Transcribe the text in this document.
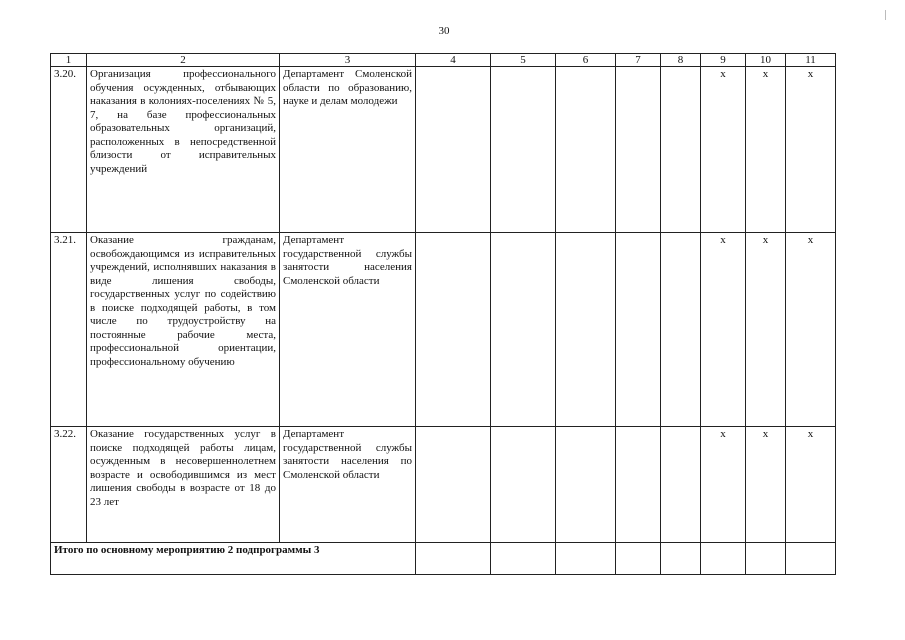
30
1	2	3	4	5	6	7	8	9	10	11
3.20.	Организация профессионального обучения осужденных, отбывающих наказания в колониях-поселениях № 5, 7, на базе профессиональных образовательных организаций, расположенных в непосредственной близости от исправительных учреждений	Департамент Смоленской области по образованию, науке и делам молодежи						x	x	x
3.21.	Оказание гражданам, освобождающимся из исправительных учреждений, исполнявших наказания в виде лишения свободы, государственных услуг по содействию в поиске подходящей работы, в том числе по трудоустройству на постоянные рабочие места, профессиональной ориентации, профессиональному обучению	Департамент государственной службы занятости населения Смоленской области						x	x	x
3.22.	Оказание государственных услуг в поиске подходящей работы лицам, осужденным в несовершеннолетнем возрасте и освободившимся из мест лишения свободы в возрасте от 18 до 23 лет	Департамент государственной службы занятости населения по Смоленской области						x	x	x
Итого по основному мероприятию 2 подпрограммы 3										
